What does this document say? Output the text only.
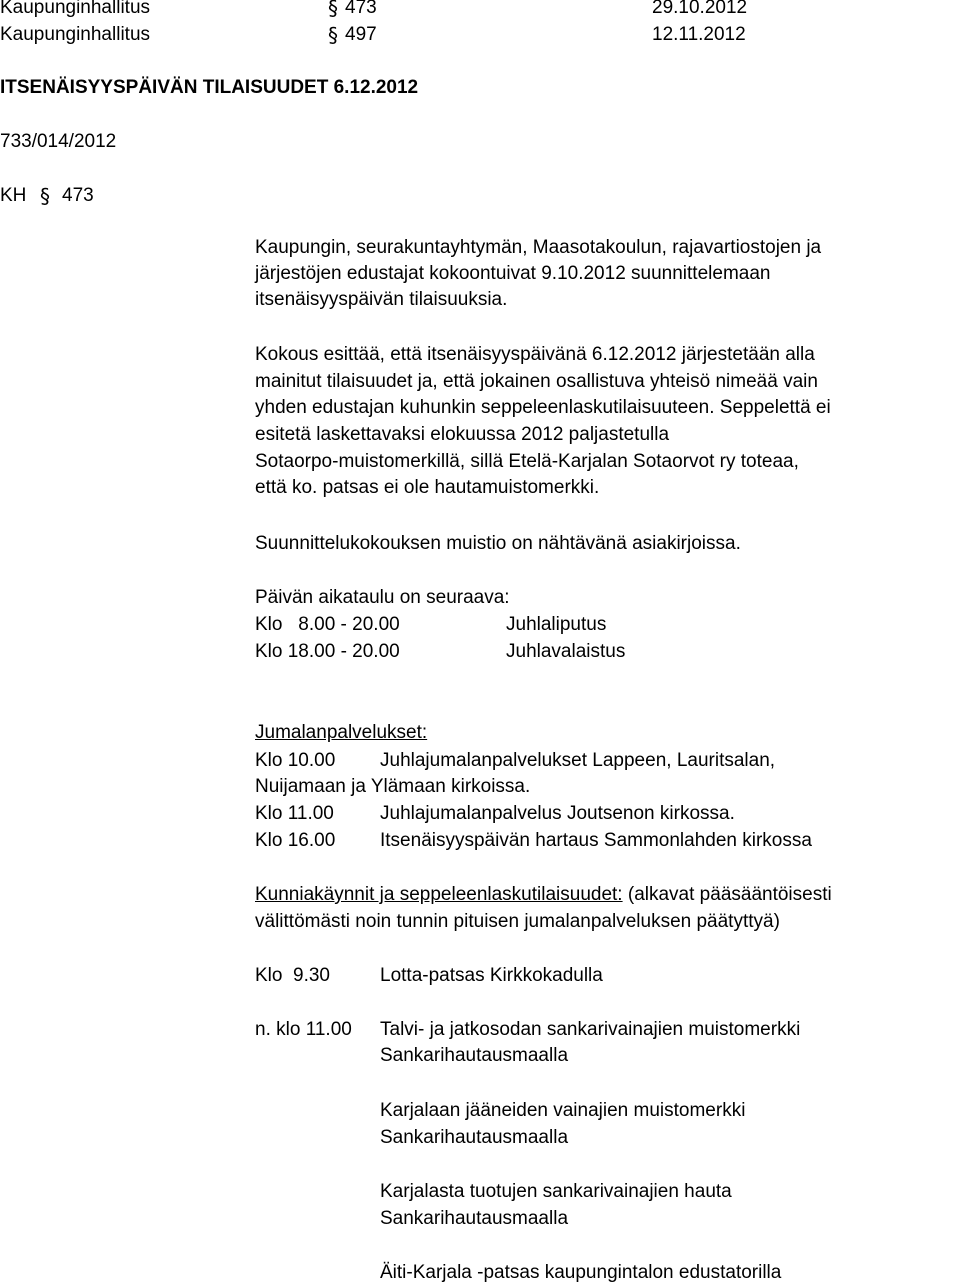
Kaupunginhallitus	§ 473	29.10.2012
Kaupunginhallitus	§ 497	12.11.2012
ITSENÄISYYSPÄIVÄN TILAISUUDET 6.12.2012
733/014/2012
KH § 473
Kaupungin, seurakuntayhtymän, Maasotakoulun, rajavartiostojen ja
järjestöjen edustajat kokoontuivat 9.10.2012 suunnittelemaan
itsenäisyyspäivän tilaisuuksia.
Kokous esittää, että itsenäisyyspäivänä 6.12.2012 järjestetään alla
mainitut tilaisuudet ja, että jokainen osallistuva yhteisö nimeää vain
yhden edustajan kuhunkin seppeleenlaskutilaisuuteen. Seppelettä ei
esitetä laskettavaksi elokuussa 2012 paljastetulla
Sotaorpo-muistomerkillä, sillä Etelä-Karjalan Sotaorvot ry toteaa,
että ko. patsas ei ole hautamuistomerkki.
Suunnittelukokouksen muistio on nähtävänä asiakirjoissa.
Päivän aikataulu on seuraava:
Klo   8.00 - 20.00	Juhlaliputus
Klo 18.00 - 20.00	Juhlavalaistus
Jumalanpalvelukset:
Klo 10.00 Juhlajumalanpalvelukset Lappeen, Lauritsalan,
Nuijamaan ja Ylämaan kirkoissa.
Klo 11.00 Juhlajumalanpalvelus Joutsenon kirkossa.
Klo 16.00 Itsenäisyyspäivän hartaus Sammonlahden kirkossa
Kunniakäynnit ja seppeleenlaskutilaisuudet: (alkavat pääsääntöisesti
välittömästi noin tunnin pituisen jumalanpalveluksen päätyttyä)
Klo  9.30	Lotta-patsas Kirkkokadulla
n. klo 11.00 Talvi- ja jatkosodan sankarivainajien muistomerkki
Sankarihautausmaalla
Karjalaan jääneiden vainajien muistomerkki
Sankarihautausmaalla
Karjalasta tuotujen sankarivainajien hauta
Sankarihautausmaalla
Äiti-Karjala -patsas kaupungintalon edustatorilla
